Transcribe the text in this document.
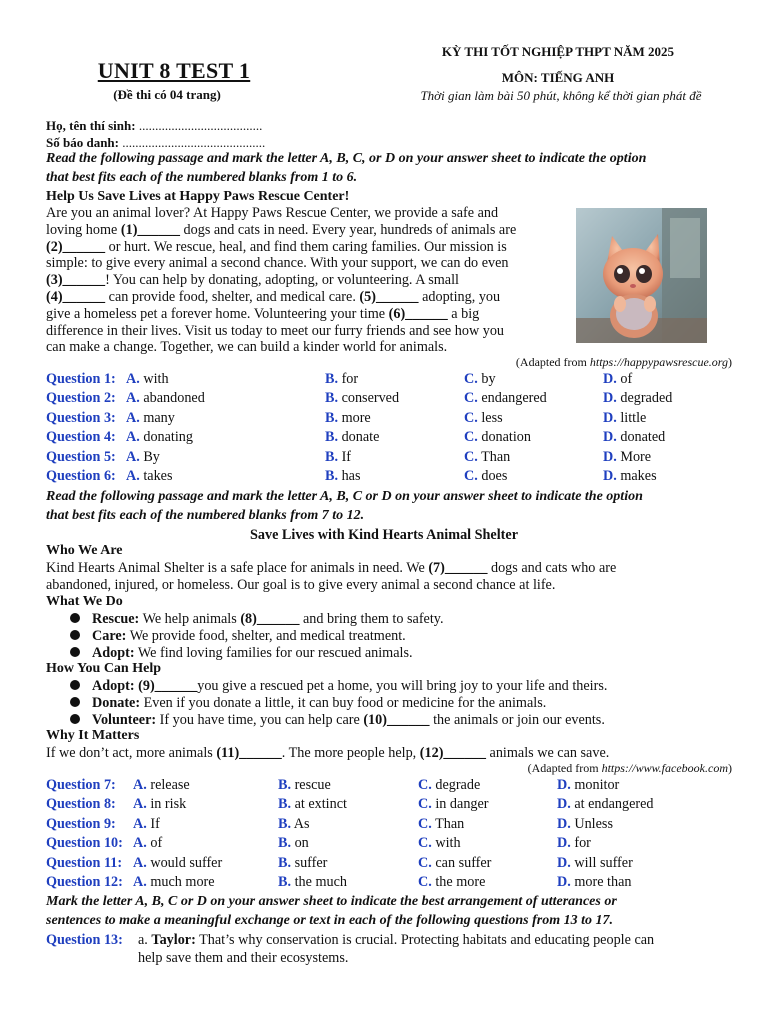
UNIT 8 TEST 1
(Đề thi có 04 trang)
KỲ THI TỐT NGHIỆP THPT NĂM 2025
MÔN: TIẾNG ANH
Thời gian làm bài 50 phút, không kể thời gian phát đề
Họ, tên thí sinh: ......................................
Số báo danh: ............................................
Read the following passage and mark the letter A, B, C, or D on your answer sheet to indicate the option
that best fits each of the numbered blanks from 1 to 6.
Help Us Save Lives at Happy Paws Rescue Center!
Are you an animal lover? At Happy Paws Rescue Center, we provide a safe and
loving home (1)______ dogs and cats in need. Every year, hundreds of animals are
(2)______ or hurt. We rescue, heal, and find them caring families. Our mission is
simple: to give every animal a second chance. With your support, we can do even
(3)______! You can help by donating, adopting, or volunteering. A small
(4)______ can provide food, shelter, and medical care. (5)______ adopting, you
give a homeless pet a forever home. Volunteering your time (6)______ a big
difference in their lives. Visit us today to meet our furry friends and see how you
can make a change. Together, we can build a kinder world for animals.
(Adapted from https://happypawsrescue.org)
Question 1: A. with	B. for	C. by	D. of
Question 2: A. abandoned	B. conserved	C. endangered	D. degraded
Question 3: A. many	B. more	C. less	D. little
Question 4: A. donating	B. donate	C. donation	D. donated
Question 5: A. By	B. If	C. Than	D. More
Question 6: A. takes	B. has	C. does	D. makes
Read the following passage and mark the letter A, B, C or D on your answer sheet to indicate the option
that best fits each of the numbered blanks from 7 to 12.
Save Lives with Kind Hearts Animal Shelter
Who We Are
Kind Hearts Animal Shelter is a safe place for animals in need. We (7)______ dogs and cats who are
abandoned, injured, or homeless. Our goal is to give every animal a second chance at life.
What We Do
Rescue: We help animals (8)______ and bring them to safety.
Care: We provide food, shelter, and medical treatment.
Adopt: We find loving families for our rescued animals.
How You Can Help
Adopt: (9)______you give a rescued pet a home, you will bring joy to your life and theirs.
Donate: Even if you donate a little, it can buy food or medicine for the animals.
Volunteer: If you have time, you can help care (10)______ the animals or join our events.
Why It Matters
If we don’t act, more animals (11)______. The more people help, (12)______ animals we can save.
(Adapted from https://www.facebook.com)
Question 7: A. release	B. rescue	C. degrade	D. monitor
Question 8: A. in risk	B. at extinct	C. in danger	D. at endangered
Question 9: A. If	B. As	C. Than	D. Unless
Question 10: A. of	B. on	C. with	D. for
Question 11: A. would suffer	B. suffer	C. can suffer	D. will suffer
Question 12: A. much more	B. the much	C. the more	D. more than
Mark the letter A, B, C or D on your answer sheet to indicate the best arrangement of utterances or
sentences to make a meaningful exchange or text in each of the following questions from 13 to 17.
Question 13: a. Taylor: That’s why conservation is crucial. Protecting habitats and educating people can
help save them and their ecosystems.
